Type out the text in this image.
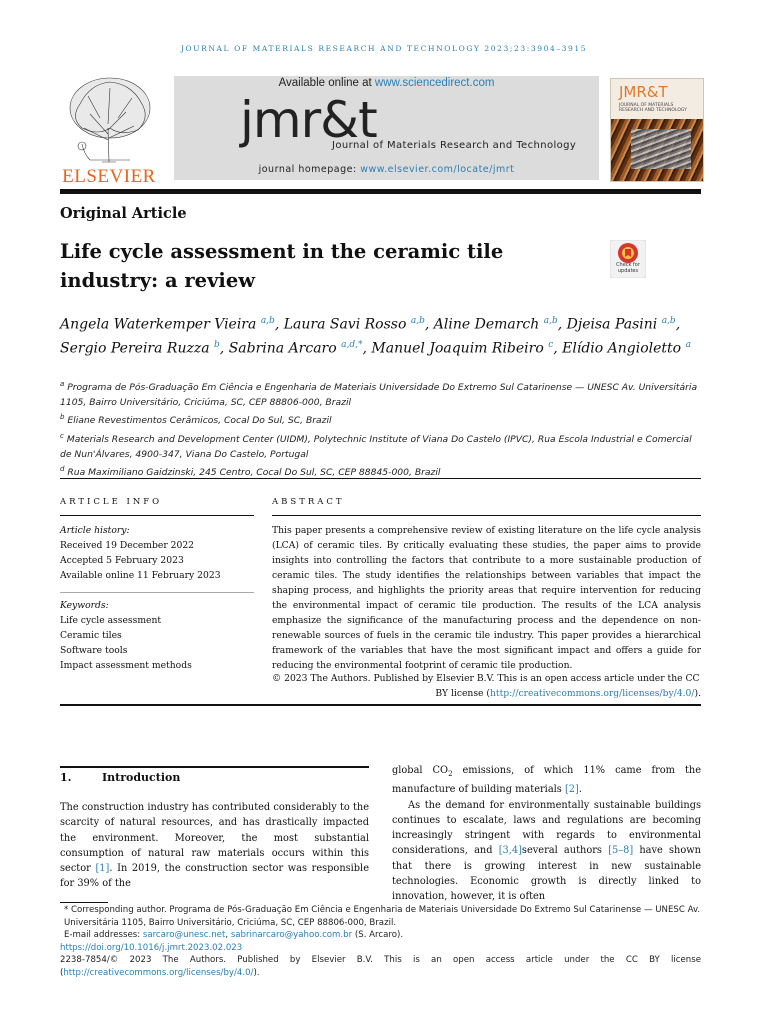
JOURNAL OF MATERIALS RESEARCH AND TECHNOLOGY 2023;23:3904–3915
ELSEVIER
Available online at www.sciencedirect.com
jmr&t
Journal of Materials Research and Technology
journal homepage: www.elsevier.com/locate/jmrt
JMR&T
JOURNAL OF MATERIALS RESEARCH AND TECHNOLOGY
Original Article
Life cycle assessment in the ceramic tile industry: a review
Check for updates
Angela Waterkemper Vieira $^{a,b}$, Laura Savi Rosso $^{a,b}$, Aline Demarch $^{a,b}$, Djeisa Pasini $^{a,b}$, Sergio Pereira Ruzza $^b$, Sabrina Arcaro $^{a,d,*}$, Manuel Joaquim Ribeiro $^c$, Elídio Angioletto $^a$
$^a$ Programa de Pós-Graduação Em Ciência e Engenharia de Materiais Universidade Do Extremo Sul Catarinense — UNESC Av. Universitária 1105, Bairro Universitário, Criciúma, SC, CEP 88806-000, Brazil
$^b$ Eliane Revestimentos Cerâmicos, Cocal Do Sul, SC, Brazil
$^c$ Materials Research and Development Center (UIDM), Polytechnic Institute of Viana Do Castelo (IPVC), Rua Escola Industrial e Comercial de Nun'Álvares, 4900-347, Viana Do Castelo, Portugal
$^d$ Rua Maximiliano Gaidzinski, 245 Centro, Cocal Do Sul, SC, CEP 88845-000, Brazil
ARTICLE INFO	ABSTRACT
Article history:
Received 19 December 2022
Accepted 5 February 2023
Available online 11 February 2023
Keywords:
Life cycle assessment
Ceramic tiles
Software tools
Impact assessment methods
This paper presents a comprehensive review of existing literature on the life cycle analysis (LCA) of ceramic tiles. By critically evaluating these studies, the paper aims to provide insights into controlling the factors that contribute to a more sustainable production of ceramic tiles. The study identifies the relationships between variables that impact the shaping process, and highlights the priority areas that require intervention for reducing the environmental impact of ceramic tile production. The results of the LCA analysis emphasize the significance of the manufacturing process and the dependence on non-renewable sources of fuels in the ceramic tile industry. This paper provides a hierarchical framework of the variables that have the most significant impact and offers a guide for reducing the environmental footprint of ceramic tile production.
© 2023 The Authors. Published by Elsevier B.V. This is an open access article under the CC
BY license (http://creativecommons.org/licenses/by/4.0/).
1.	Introduction
The construction industry has contributed considerably to the scarcity of natural resources, and has drastically impacted the environment. Moreover, the most substantial consumption of natural raw materials occurs within this sector [1]. In 2019, the construction sector was responsible for 39% of the
global $CO_2$ emissions, of which 11% came from the manufacture of building materials [2].
As the demand for environmentally sustainable buildings continues to escalate, laws and regulations are becoming increasingly stringent with regards to environmental considerations, and [3,4]several authors [5–8] have shown that there is growing interest in new sustainable technologies. Economic growth is directly linked to innovation, however, it is often
* Corresponding author. Programa de Pós-Graduação Em Ciência e Engenharia de Materiais Universidade Do Extremo Sul Catarinense — UNESC Av. Universitária 1105, Bairro Universitário, Criciúma, SC, CEP 88806-000, Brazil.
E-mail addresses: sarcaro@unesc.net, sabrinarcaro@yahoo.com.br (S. Arcaro).
https://doi.org/10.1016/j.jmrt.2023.02.023
2238-7854/© 2023 The Authors. Published by Elsevier B.V. This is an open access article under the CC BY license (http://creativecommons.org/licenses/by/4.0/).
